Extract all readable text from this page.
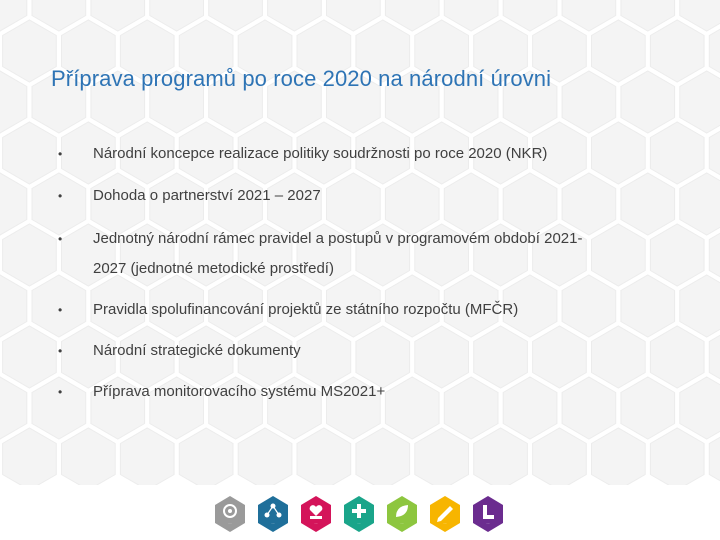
Příprava programů po roce 2020 na národní úrovni
• Národní koncepce realizace politiky soudržnosti po roce 2020 (NKR)
• Dohoda o partnerství 2021 – 2027
• Jednotný národní rámec pravidel a postupů v programovém období 2021-
2027 (jednotné metodické prostředí)
• Pravidla spolufinancování projektů ze státního rozpočtu (MFČR)
• Národní strategické dokumenty
• Příprava monitorovacího systému MS2021+
....	.....	.....	.....	.....	.....	.....
